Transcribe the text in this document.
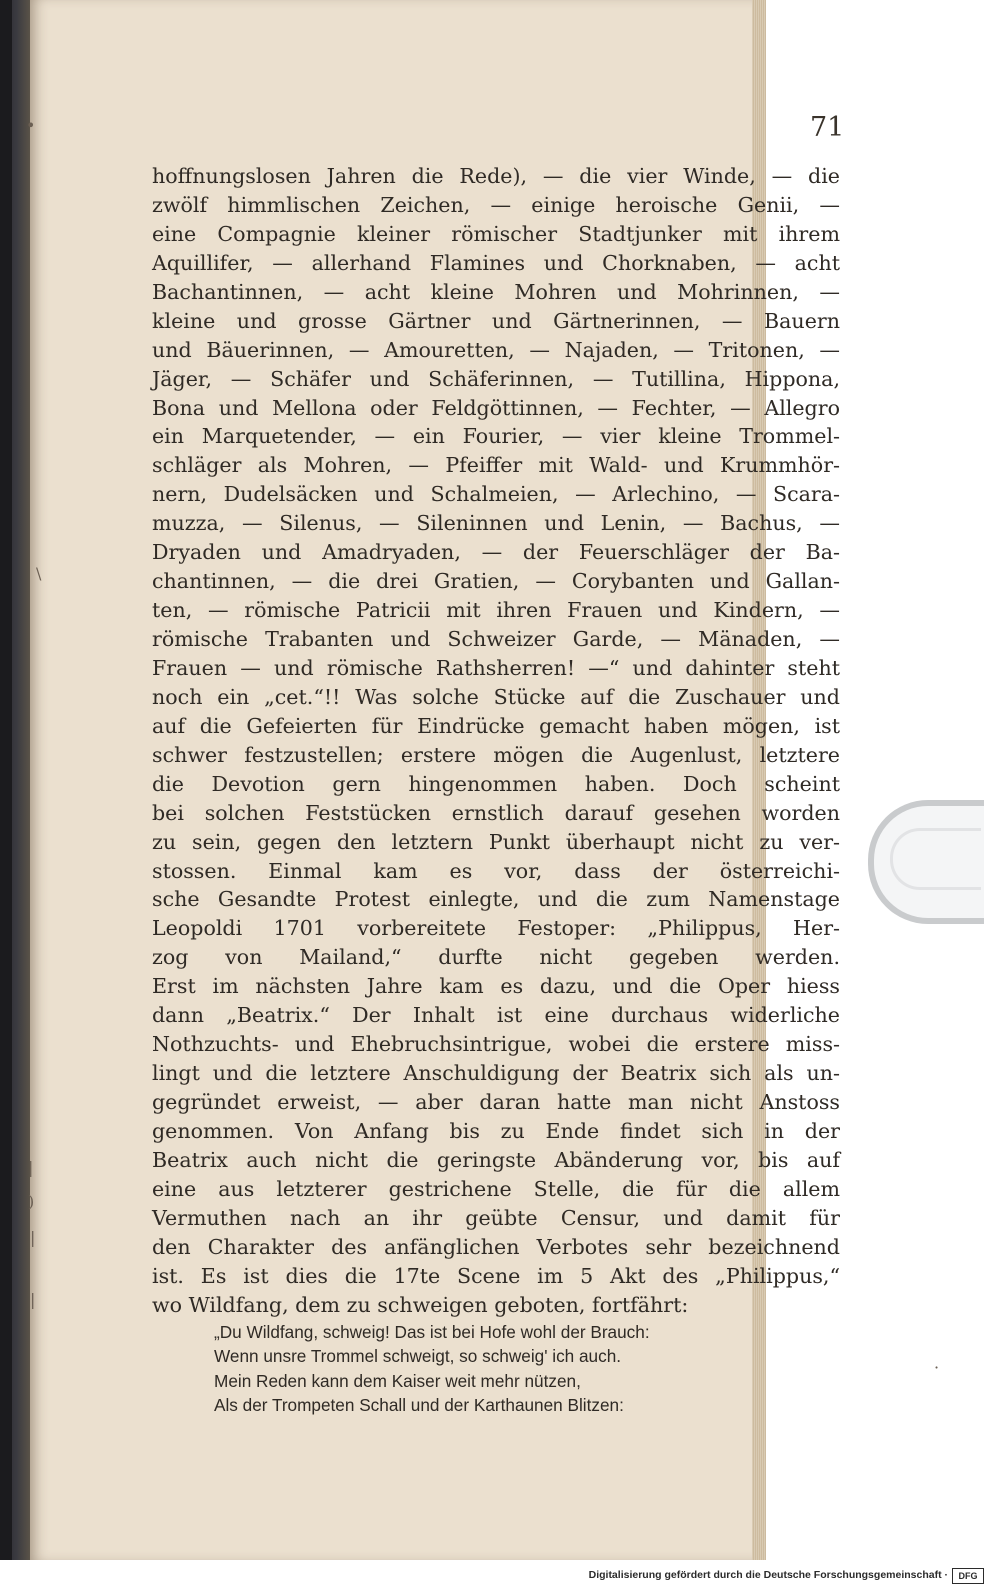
•
\
|
)
|
|
·
71
hoffnungslosen Jahren die Rede), — die vier Winde, — die
zwölf himmlischen Zeichen, — einige heroische Genii, —
eine Compagnie kleiner römischer Stadtjunker mit ihrem
Aquillifer, — allerhand Flamines und Chorknaben, — acht
Bachantinnen, — acht kleine Mohren und Mohrinnen, —
kleine und grosse Gärtner und Gärtnerinnen, — Bauern
und Bäuerinnen, — Amouretten, — Najaden, — Tritonen, —
Jäger, — Schäfer und Schäferinnen, — Tutillina, Hippona,
Bona und Mellona oder Feldgöttinnen, — Fechter, — Allegro
ein Marquetender, — ein Fourier, — vier kleine Trommel-
schläger als Mohren, — Pfeiffer mit Wald- und Krummhör-
nern, Dudelsäcken und Schalmeien, — Arlechino, — Scara-
muzza, — Silenus, — Sileninnen und Lenin, — Bachus, —
Dryaden und Amadryaden, — der Feuerschläger der Ba-
chantinnen, — die drei Gratien, — Corybanten und Gallan-
ten, — römische Patricii mit ihren Frauen und Kindern, —
römische Trabanten und Schweizer Garde, — Mänaden, —
Frauen — und römische Rathsherren! —“ und dahinter steht
noch ein „cet.“!! Was solche Stücke auf die Zuschauer und
auf die Gefeierten für Eindrücke gemacht haben mögen, ist
schwer festzustellen; erstere mögen die Augenlust, letztere
die Devotion gern hingenommen haben. Doch scheint
bei solchen Feststücken ernstlich darauf gesehen worden
zu sein, gegen den letztern Punkt überhaupt nicht zu ver-
stossen. Einmal kam es vor, dass der österreichi-
sche Gesandte Protest einlegte, und die zum Namenstage
Leopoldi 1701 vorbereitete Festoper: „Philippus, Her-
zog von Mailand,“ durfte nicht gegeben werden.
Erst im nächsten Jahre kam es dazu, und die Oper hiess
dann „Beatrix.“ Der Inhalt ist eine durchaus widerliche
Nothzuchts- und Ehebruchsintrigue, wobei die erstere miss-
lingt und die letztere Anschuldigung der Beatrix sich als un-
gegründet erweist, — aber daran hatte man nicht Anstoss
genommen. Von Anfang bis zu Ende findet sich in der
Beatrix auch nicht die geringste Abänderung vor, bis auf
eine aus letzterer gestrichene Stelle, die für die allem
Vermuthen nach an ihr geübte Censur, und damit für
den Charakter des anfänglichen Verbotes sehr bezeichnend
ist. Es ist dies die 17te Scene im 5 Akt des „Philippus,“
wo Wildfang, dem zu schweigen geboten, fortfährt:
„Du Wildfang, schweig! Das ist bei Hofe wohl der Brauch:
Wenn unsre Trommel schweigt, so schweig' ich auch.
Mein Reden kann dem Kaiser weit mehr nützen,
Als der Trompeten Schall und der Karthaunen Blitzen:
Digitalisierung gefördert durch die Deutsche Forschungsgemeinschaft ·	DFG
